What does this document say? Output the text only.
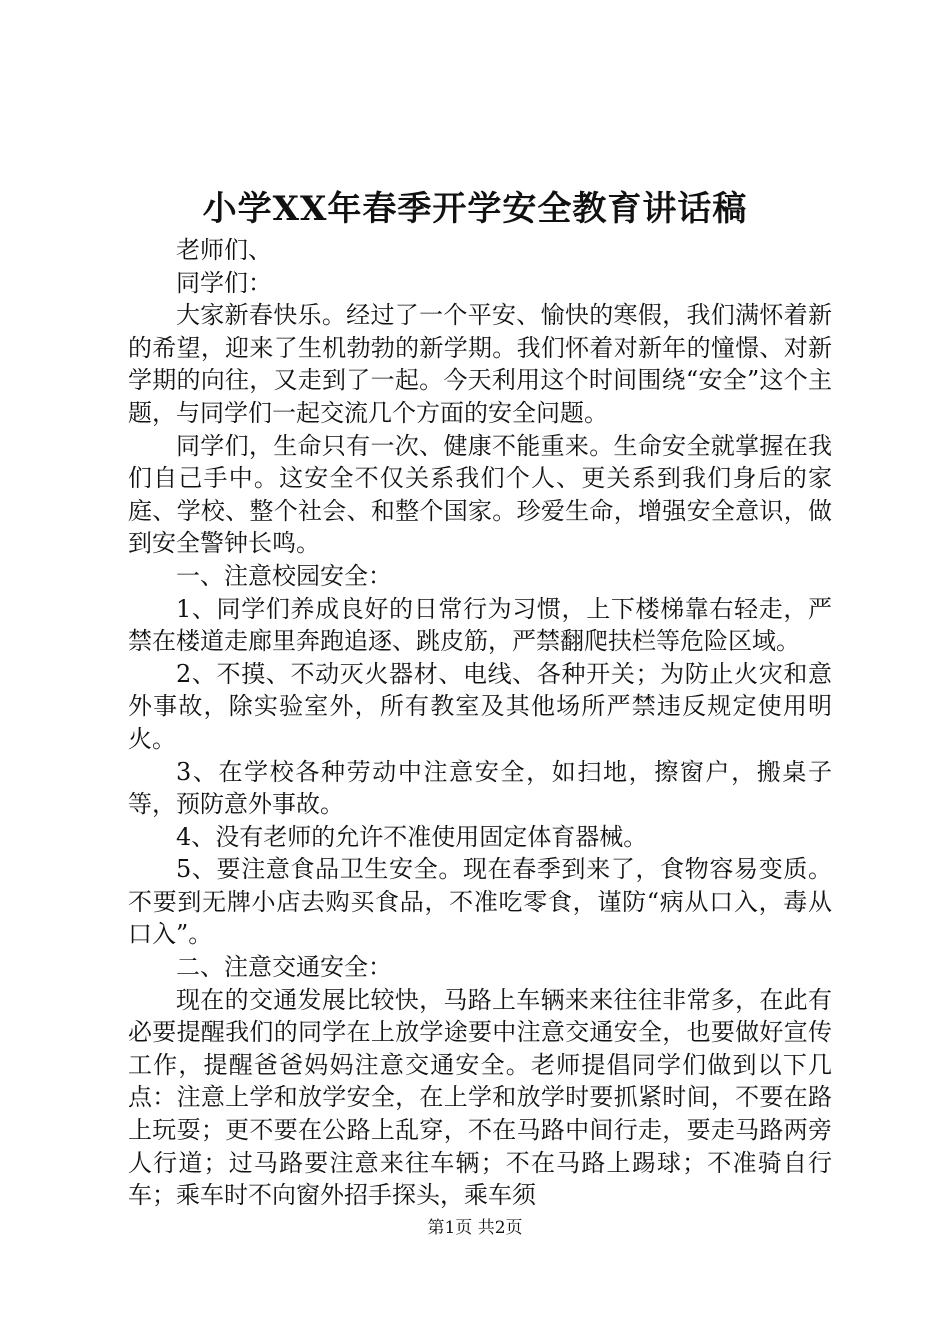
小学XX年春季开学安全教育讲话稿

老师们、

同学们：

大家新春快乐。经过了一个平安、愉快的寒假，我们满怀着新的希望，迎来了生机勃勃的新学期。我们怀着对新年的憧憬、对新学期的向往，又走到了一起。今天利用这个时间围绕“安全”这个主题，与同学们一起交流几个方面的安全问题。

同学们，生命只有一次、健康不能重来。生命安全就掌握在我们自己手中。这安全不仅关系我们个人、更关系到我们身后的家庭、学校、整个社会、和整个国家。珍爱生命，增强安全意识，做到安全警钟长鸣。

一、注意校园安全：

1、同学们养成良好的日常行为习惯，上下楼梯靠右轻走，严禁在楼道走廊里奔跑追逐、跳皮筋，严禁翻爬扶栏等危险区域。

2、不摸、不动灭火器材、电线、各种开关；为防止火灾和意外事故，除实验室外，所有教室及其他场所严禁违反规定使用明火。

3、在学校各种劳动中注意安全，如扫地，擦窗户，搬桌子等，预防意外事故。

4、没有老师的允许不准使用固定体育器械。

5、要注意食品卫生安全。现在春季到来了，食物容易变质。不要到无牌小店去购买食品，不准吃零食，谨防“病从口入，毒从口入”。

二、注意交通安全：

现在的交通发展比较快，马路上车辆来来往往非常多，在此有必要提醒我们的同学在上放学途要中注意交通安全，也要做好宣传工作，提醒爸爸妈妈注意交通安全。老师提倡同学们做到以下几点：注意上学和放学安全，在上学和放学时要抓紧时间，不要在路上玩耍；更不要在公路上乱穿，不在马路中间行走，要走马路两旁人行道；过马路要注意来往车辆；不在马路上踢球；不准骑自行车；乘车时不向窗外招手探头，乘车须

第1页 共2页
